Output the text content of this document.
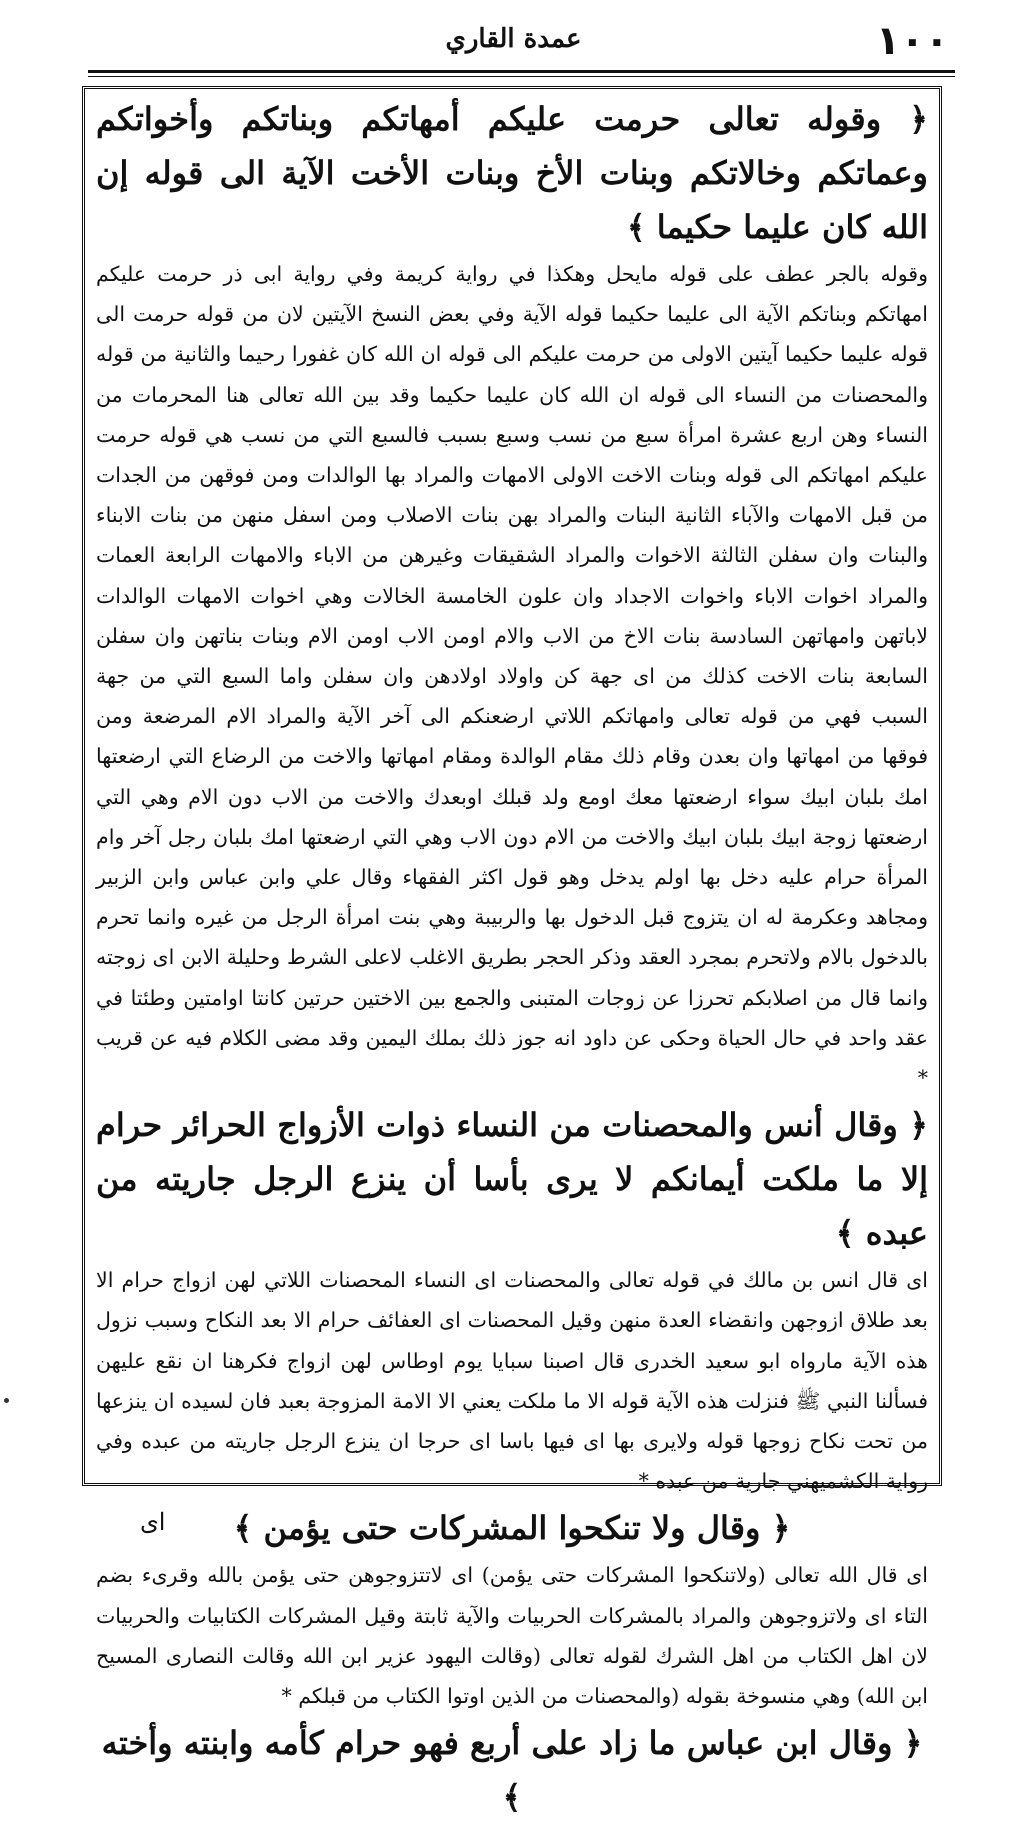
١٠٠
عمدة القاري

﴿ وقوله تعالى حرمت عليكم أمهاتكم وبناتكم وأخواتكم وعماتكم وخالاتكم وبنات الأخ وبنات الأخت الآية الى قوله إن الله كان عليما حكيما ﴾

وقوله بالجر عطف على قوله مايحل وهكذا في رواية كريمة وفي رواية ابى ذر حرمت عليكم امهاتكم وبناتكم الآية الى عليما حكيما قوله الآية وفي بعض النسخ الآيتين لان من قوله حرمت الى قوله عليما حكيما آيتين الاولى من حرمت عليكم الى قوله ان الله كان غفورا رحيما والثانية من قوله والمحصنات من النساء الى قوله ان الله كان عليما حكيما وقد بين الله تعالى هنا المحرمات من النساء وهن اربع عشرة امرأة سبع من نسب وسبع بسبب فالسبع التي من نسب هي قوله حرمت عليكم امهاتكم الى قوله وبنات الاخت الاولى الامهات والمراد بها الوالدات ومن فوقهن من الجدات من قبل الامهات والآباء الثانية البنات والمراد بهن بنات الاصلاب ومن اسفل منهن من بنات الابناء والبنات وان سفلن الثالثة الاخوات والمراد الشقيقات وغيرهن من الاباء والامهات الرابعة العمات والمراد اخوات الاباء واخوات الاجداد وان علون الخامسة الخالات وهي اخوات الامهات الوالدات لاباتهن وامهاتهن السادسة بنات الاخ من الاب والام اومن الاب اومن الام وبنات بناتهن وان سفلن السابعة بنات الاخت كذلك من اى جهة كن واولاد اولادهن وان سفلن واما السبع التي من جهة السبب فهي من قوله تعالى وامهاتكم اللاتي ارضعنكم الى آخر الآية والمراد الام المرضعة ومن فوقها من امهاتها وان بعدن وقام ذلك مقام الوالدة ومقام امهاتها والاخت من الرضاع التي ارضعتها امك بلبان ابيك سواء ارضعتها معك اومع ولد قبلك اوبعدك والاخت من الاب دون الام وهي التي ارضعتها زوجة ابيك بلبان ابيك والاخت من الام دون الاب وهي التي ارضعتها امك بلبان رجل آخر وام المرأة حرام عليه دخل بها اولم يدخل وهو قول اكثر الفقهاء وقال علي وابن عباس وابن الزبير ومجاهد وعكرمة له ان يتزوج قبل الدخول بها والربيبة وهي بنت امرأة الرجل من غيره وانما تحرم بالدخول بالام ولاتحرم بمجرد العقد وذكر الحجر بطريق الاغلب لاعلى الشرط وحليلة الابن اى زوجته وانما قال من اصلابكم تحرزا عن زوجات المتبنى والجمع بين الاختين حرتين كانتا اوامتين وطئتا في عقد واحد في حال الحياة وحكى عن داود انه جوز ذلك بملك اليمين وقد مضى الكلام فيه عن قريب *

﴿ وقال أنس والمحصنات من النساء ذوات الأزواج الحرائر حرام إلا ما ملكت أيمانكم لا يرى بأسا أن ينزع الرجل جاريته من عبده ﴾

اى قال انس بن مالك في قوله تعالى والمحصنات اى النساء المحصنات اللاتي لهن ازواج حرام الا بعد طلاق ازوجهن وانقضاء العدة منهن وقيل المحصنات اى العفائف حرام الا بعد النكاح وسبب نزول هذه الآية مارواه ابو سعيد الخدرى قال اصبنا سبايا يوم اوطاس لهن ازواج فكرهنا ان نقع عليهن فسألنا النبي ﷺ فنزلت هذه الآية قوله الا ما ملكت يعني الا الامة المزوجة بعبد فان لسيده ان ينزعها من تحت نكاح زوجها قوله ولايرى بها اى فيها باسا اى حرجا ان ينزع الرجل جاريته من عبده وفي رواية الكشميهني جارية من عبده *

﴿ وقال ولا تنكحوا المشركات حتى يؤمن ﴾

اى قال الله تعالى (ولاتنكحوا المشركات حتى يؤمن) اى لاتتزوجوهن حتى يؤمن بالله وقرىء بضم التاء اى ولاتزوجوهن والمراد بالمشركات الحربيات والآية ثابتة وقيل المشركات الكتابيات والحربيات لان اهل الكتاب من اهل الشرك لقوله تعالى (وقالت اليهود عزير ابن الله وقالت النصارى المسيح ابن الله) وهي منسوخة بقوله (والمحصنات من الذين اوتوا الكتاب من قبلكم *

﴿ وقال ابن عباس ما زاد على أربع فهو حرام كأمه وابنته وأخته ﴾

اى
